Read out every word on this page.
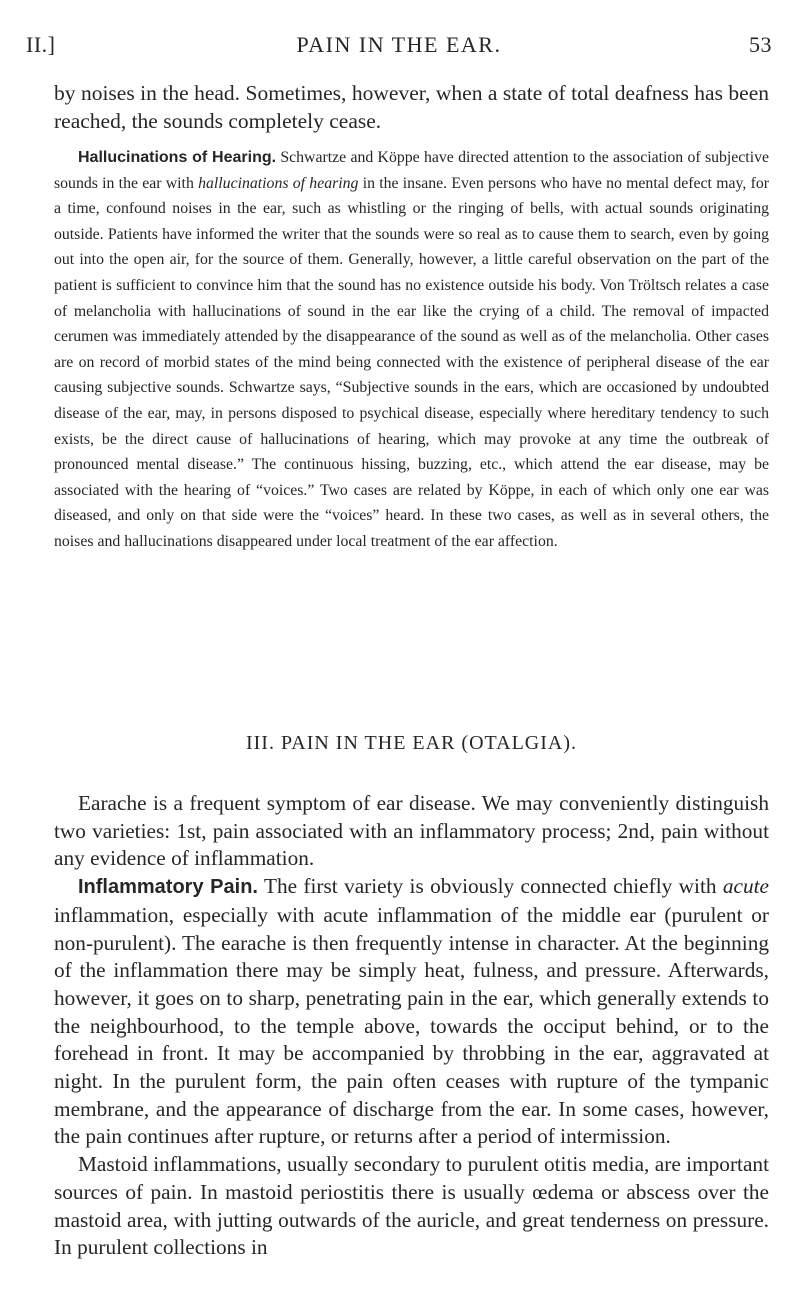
II.]	PAIN IN THE EAR.	53

by noises in the head. Sometimes, however, when a state of total deafness has been reached, the sounds completely cease.

Hallucinations of Hearing. Schwartze and Köppe have directed attention to the association of subjective sounds in the ear with hallucinations of hearing in the insane. Even persons who have no mental defect may, for a time, confound noises in the ear, such as whistling or the ringing of bells, with actual sounds originating outside. Patients have informed the writer that the sounds were so real as to cause them to search, even by going out into the open air, for the source of them. Generally, however, a little careful observation on the part of the patient is sufficient to convince him that the sound has no existence outside his body. Von Tröltsch relates a case of melancholia with hallucinations of sound in the ear like the crying of a child. The removal of impacted cerumen was immediately attended by the disappearance of the sound as well as of the melancholia. Other cases are on record of morbid states of the mind being connected with the existence of peripheral disease of the ear causing subjective sounds. Schwartze says, “Subjective sounds in the ears, which are occasioned by undoubted disease of the ear, may, in persons disposed to psychical disease, especially where hereditary tendency to such exists, be the direct cause of hallucinations of hearing, which may provoke at any time the outbreak of pronounced mental disease.” The continuous hissing, buzzing, etc., which attend the ear disease, may be associated with the hearing of “voices.” Two cases are related by Köppe, in each of which only one ear was diseased, and only on that side were the “voices” heard. In these two cases, as well as in several others, the noises and hallucinations disappeared under local treatment of the ear affection.

III. PAIN IN THE EAR (OTALGIA).

Earache is a frequent symptom of ear disease. We may conveniently distinguish two varieties: 1st, pain associated with an inflammatory process; 2nd, pain without any evidence of inflammation.

Inflammatory Pain. The first variety is obviously connected chiefly with acute inflammation, especially with acute inflammation of the middle ear (purulent or non-purulent). The earache is then frequently intense in character. At the beginning of the inflammation there may be simply heat, fulness, and pressure. Afterwards, however, it goes on to sharp, penetrating pain in the ear, which generally extends to the neighbourhood, to the temple above, towards the occiput behind, or to the forehead in front. It may be accompanied by throbbing in the ear, aggravated at night. In the purulent form, the pain often ceases with rupture of the tympanic membrane, and the appearance of discharge from the ear. In some cases, however, the pain continues after rupture, or returns after a period of intermission.

Mastoid inflammations, usually secondary to purulent otitis media, are important sources of pain. In mastoid periostitis there is usually œdema or abscess over the mastoid area, with jutting outwards of the auricle, and great tenderness on pressure. In purulent collections in
